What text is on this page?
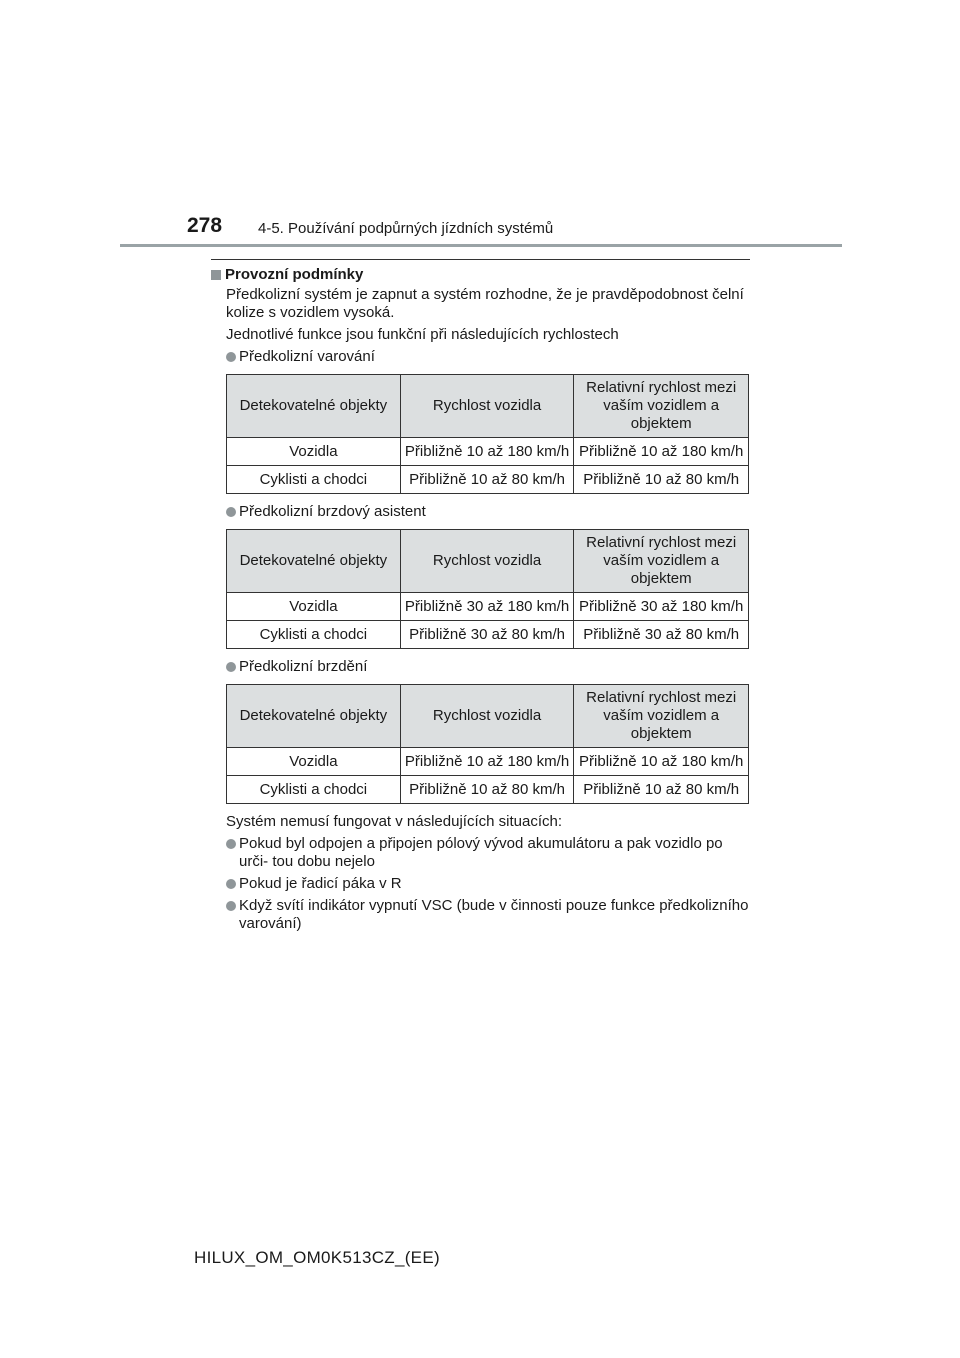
278 4-5. Používání podpůrných jízdních systémů
Provozní podmínky

Předkolizní systém je zapnut a systém rozhodne, že je pravděpodobnost čelní kolize s vozidlem vysoká.

Jednotlivé funkce jsou funkční při následujících rychlostech

Předkolizní varování
Detekovatelné objekty	Rychlost vozidla	Relativní rychlost mezi vaším vozidlem a objektem
Vozidla	Přibližně 10 až 180 km/h	Přibližně 10 až 180 km/h
Cyklisti a chodci	Přibližně 10 až 80 km/h	Přibližně 10 až 80 km/h
Předkolizní brzdový asistent
Detekovatelné objekty	Rychlost vozidla	Relativní rychlost mezi vaším vozidlem a objektem
Vozidla	Přibližně 30 až 180 km/h	Přibližně 30 až 180 km/h
Cyklisti a chodci	Přibližně 30 až 80 km/h	Přibližně 30 až 80 km/h
Předkolizní brzdění
Detekovatelné objekty	Rychlost vozidla	Relativní rychlost mezi vaším vozidlem a objektem
Vozidla	Přibližně 10 až 180 km/h	Přibližně 10 až 180 km/h
Cyklisti a chodci	Přibližně 10 až 80 km/h	Přibližně 10 až 80 km/h

Systém nemusí fungovat v následujících situacích:

Pokud byl odpojen a připojen pólový vývod akumulátoru a pak vozidlo po urči- tou dobu nejelo
Pokud je řadicí páka v R
Když svítí indikátor vypnutí VSC (bude v činnosti pouze funkce předkolizního varování)
HILUX_OM_OM0K513CZ_(EE)
